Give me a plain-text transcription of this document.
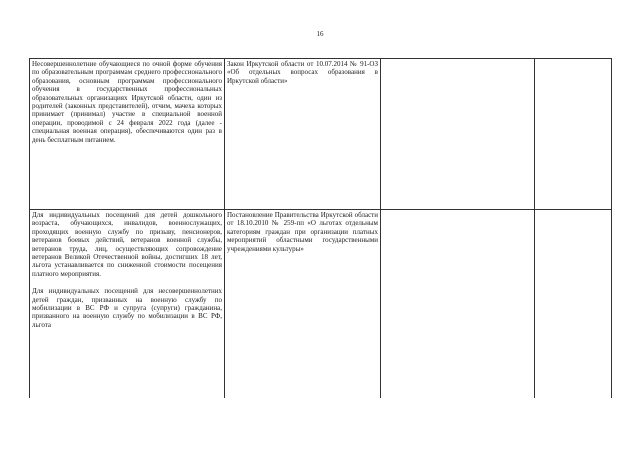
16

Несовершеннолетние обучающиеся по очной форме обучения по образовательным программам среднего профессионального образования, основным программам профессионального обучения в государственных профессиональных образовательных организациях Иркутской области, один из родителей (законных представителей), отчим, мачеха которых принимает (принимал) участие в специальной военной операции, проводимой с 24 февраля 2022 года (далее - специальная военная операция), обеспечиваются один раз в день бесплатным питанием.	Закон Иркутской области от 10.07.2014 № 91-ОЗ «Об отдельных вопросах образования в Иркутской области»		

Для индивидуальных посещений для детей дошкольного возраста, обучающихся, инвалидов, военнослужащих, проходящих военную службу по призыву, пенсионеров, ветеранов боевых действий, ветеранов военной службы, ветеранов труда, лиц, осуществляющих сопровождение ветеранов Великой Отечественной войны, достигших 18 лет, льгота устанавливается по сниженной стоимости посещения платного мероприятия.

Для индивидуальных посещений для несовершеннолетних детей граждан, призванных на военную службу по мобилизации в ВС РФ и супруга (супруги) гражданина, призванного на военную службу по мобилизации в ВС РФ, льгота	Постановление Правительства Иркутской области от 18.10.2010 № 259-пп «О льготах отдельным категориям граждан при организации платных мероприятий областными государственными учреждениями культуры»		
